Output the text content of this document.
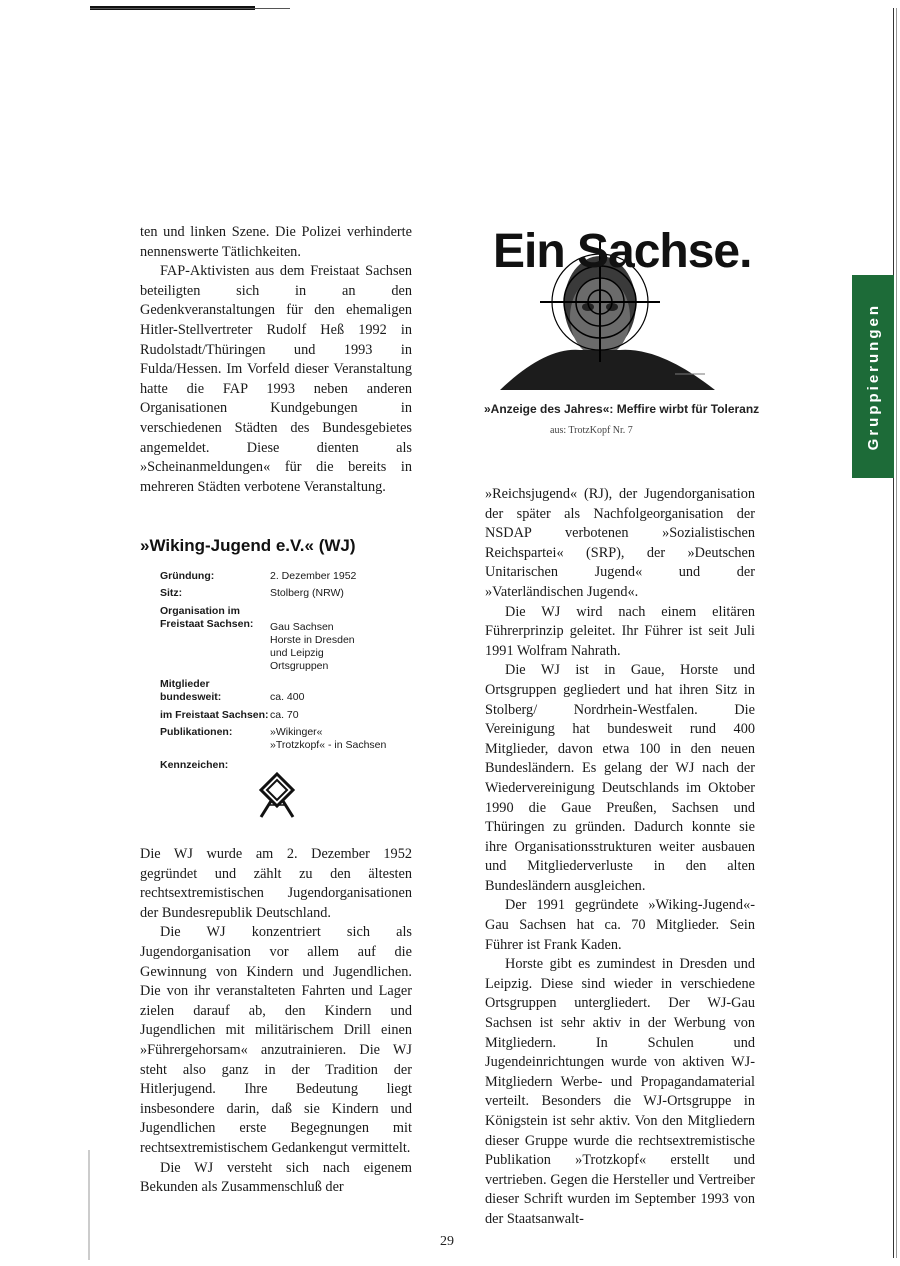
Gruppierungen

ten und linken Szene. Die Polizei verhinderte nennenswerte Tätlichkeiten.

FAP-Aktivisten aus dem Freistaat Sachsen beteiligten sich in an den Gedenkveranstaltungen für den ehemaligen Hitler-Stellvertreter Rudolf Heß 1992 in Rudolstadt/Thüringen und 1993 in Fulda/Hessen. Im Vorfeld dieser Veranstaltung hatte die FAP 1993 neben anderen Organisationen Kundgebungen in verschiedenen Städten des Bundesgebietes angemeldet. Diese dienten als »Scheinanmeldungen« für die bereits in mehreren Städten verbotene Veranstaltung.

»Wiking-Jugend e.V.« (WJ)
Gründung:	2. Dezember 1952
Sitz:	Stolberg (NRW)
Organisation im
Freistaat Sachsen:	Gau Sachsen
Horste in Dresden
und Leipzig
Ortsgruppen
Mitglieder
bundesweit:	ca. 400
im Freistaat Sachsen: ca. 70
Publikationen:	»Wikinger«
»Trotzkopf« - in Sachsen
Kennzeichen:

Die WJ wurde am 2. Dezember 1952 gegründet und zählt zu den ältesten rechtsextremistischen Jugendorganisationen der Bundesrepublik Deutschland.

Die WJ konzentriert sich als Jugendorganisation vor allem auf die Gewinnung von Kindern und Jugendlichen. Die von ihr veranstalteten Fahrten und Lager zielen darauf ab, den Kindern und Jugendlichen mit militärischem Drill einen »Führergehorsam« anzutrainieren. Die WJ steht also ganz in der Tradition der Hitlerjugend. Ihre Bedeutung liegt insbesondere darin, daß sie Kindern und Jugendlichen erste Begegnungen mit rechtsextremistischem Gedankengut vermittelt.

Die WJ versteht sich nach eigenem Bekunden als Zusammenschluß der

Ein Sachse.
»Anzeige des Jahres«: Meffire wirbt für Toleranz
aus: TrotzKopf Nr. 7

»Reichsjugend« (RJ), der Jugendorganisation der später als Nachfolgeorganisation der NSDAP verbotenen »Sozialistischen Reichspartei« (SRP), der »Deutschen Unitarischen Jugend« und der »Vaterländischen Jugend«.

Die WJ wird nach einem elitären Führerprinzip geleitet. Ihr Führer ist seit Juli 1991 Wolfram Nahrath.

Die WJ ist in Gaue, Horste und Ortsgruppen gegliedert und hat ihren Sitz in Stolberg/ Nordrhein-Westfalen. Die Vereinigung hat bundesweit rund 400 Mitglieder, davon etwa 100 in den neuen Bundesländern. Es gelang der WJ nach der Wiedervereinigung Deutschlands im Oktober 1990 die Gaue Preußen, Sachsen und Thüringen zu gründen. Dadurch konnte sie ihre Organisationsstrukturen weiter ausbauen und Mitgliederverluste in den alten Bundesländern ausgleichen.

Der 1991 gegründete »Wiking-Jugend«-Gau Sachsen hat ca. 70 Mitglieder. Sein Führer ist Frank Kaden.

Horste gibt es zumindest in Dresden und Leipzig. Diese sind wieder in verschiedene Ortsgruppen untergliedert. Der WJ-Gau Sachsen ist sehr aktiv in der Werbung von Mitgliedern. In Schulen und Jugendeinrichtungen wurde von aktiven WJ-Mitgliedern Werbe- und Propagandamaterial verteilt. Besonders die WJ-Ortsgruppe in Königstein ist sehr aktiv. Von den Mitgliedern dieser Gruppe wurde die rechtsextremistische Publikation »Trotzkopf« erstellt und vertrieben. Gegen die Hersteller und Vertreiber dieser Schrift wurden im September 1993 von der Staatsanwalt-

29
